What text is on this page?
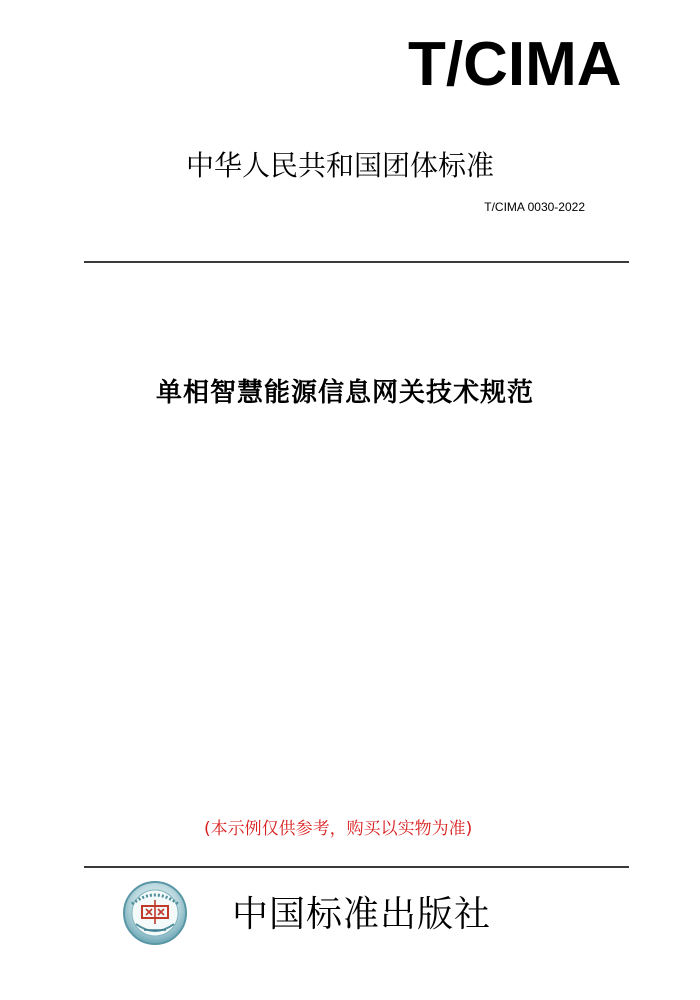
T/CIMA
中华人民共和国团体标准
T/CIMA 0030-2022
单相智慧能源信息网关技术规范
(本示例仅供参考，购买以实物为准)
中国标准出版社
